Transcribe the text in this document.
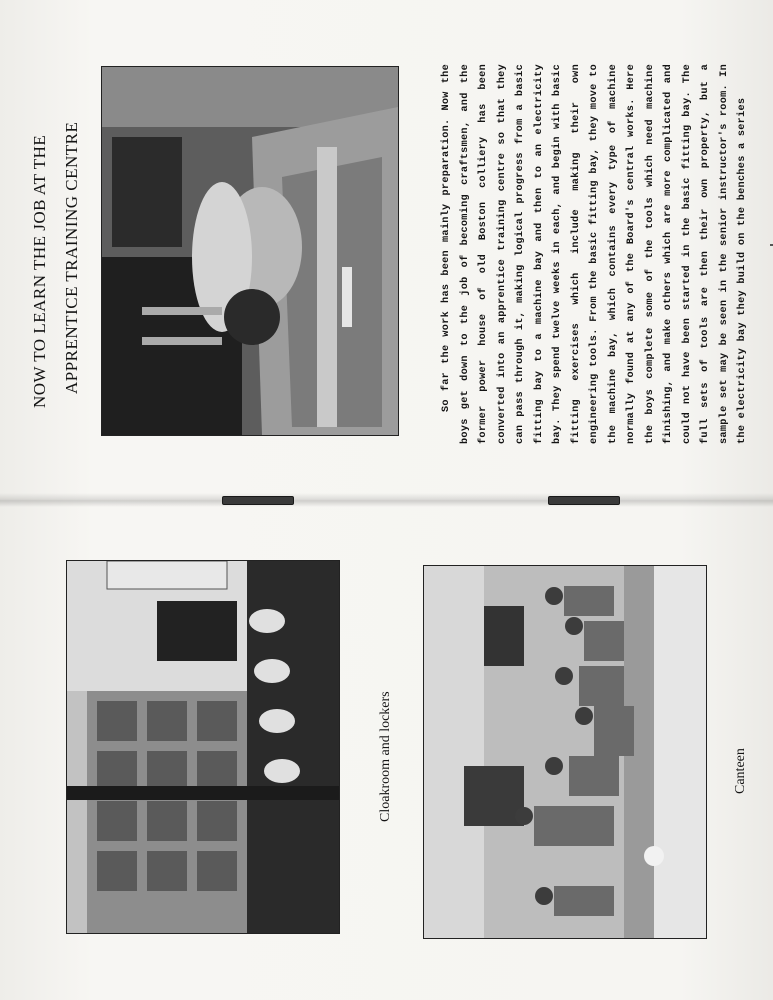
NOW TO LEARN THE JOB AT THE APPRENTICE TRAINING CENTRE	So far the work has been mainly preparation. Now the boys get down to the job of becoming craftsmen, and the former power house of old Boston colliery has been converted into an apprentice training centre so that they can pass through it, making logical progress from a basic fitting bay to a machine bay and then to an electricity bay. They spend twelve weeks in each, and begin with basic fitting exercises which include making their own engineering tools. From the basic fitting bay, they move to the machine bay, which contains every type of machine normally found at any of the Board's central works. Here the boys complete some of the tools which need machine finishing, and make others which are more complicated and could not have been started in the basic fitting bay. The full sets of tools are then their own property, but a sample set may be seen in the senior instructor's room. In the electricity bay they build on the benches a series

Cloakroom and lockers	Canteen
